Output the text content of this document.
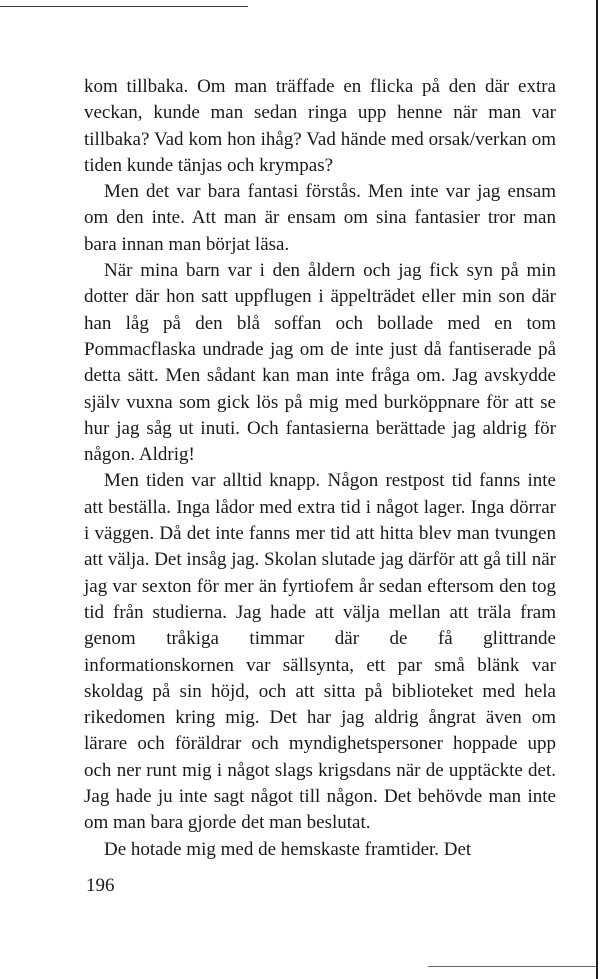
kom tillbaka. Om man träffade en flicka på den där extra veckan, kunde man sedan ringa upp henne när man var tillbaka? Vad kom hon ihåg? Vad hände med orsak/verkan om tiden kunde tänjas och krympas?

Men det var bara fantasi förstås. Men inte var jag ensam om den inte. Att man är ensam om sina fantasier tror man bara innan man börjat läsa.

När mina barn var i den åldern och jag fick syn på min dotter där hon satt uppflugen i äppelträdet eller min son där han låg på den blå soffan och bollade med en tom Pommacflaska undrade jag om de inte just då fantiserade på detta sätt. Men sådant kan man inte fråga om. Jag avskydde själv vuxna som gick lös på mig med burköppnare för att se hur jag såg ut inuti. Och fantasierna berättade jag aldrig för någon. Aldrig!

Men tiden var alltid knapp. Någon restpost tid fanns inte att beställa. Inga lådor med extra tid i något lager. Inga dörrar i väggen. Då det inte fanns mer tid att hitta blev man tvungen att välja. Det insåg jag. Skolan slutade jag därför att gå till när jag var sexton för mer än fyrtiofem år sedan eftersom den tog tid från studierna. Jag hade att välja mellan att träla fram genom tråkiga timmar där de få glittrande informationskornen var sällsynta, ett par små blänk var skoldag på sin höjd, och att sitta på biblioteket med hela rikedomen kring mig. Det har jag aldrig ångrat även om lärare och föräldrar och myndighetspersoner hoppade upp och ner runt mig i något slags krigsdans när de upptäckte det. Jag hade ju inte sagt något till någon. Det behövde man inte om man bara gjorde det man beslutat.

De hotade mig med de hemskaste framtider. Det

196
